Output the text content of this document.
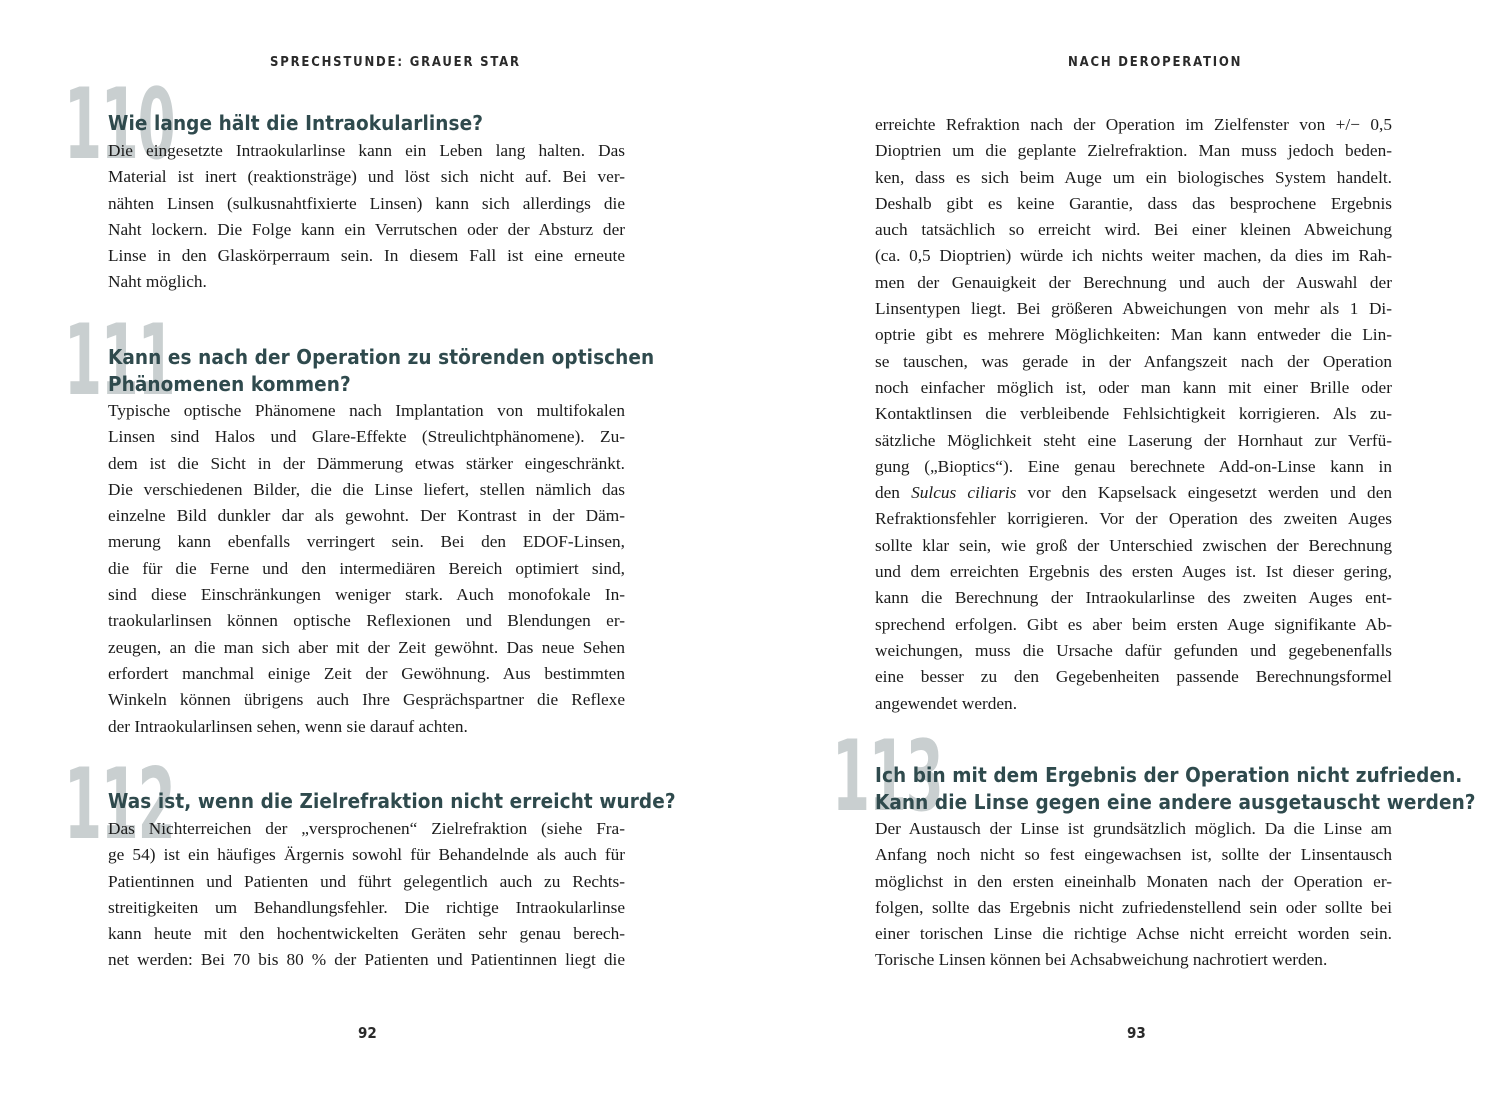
SPRECHSTUNDE: GRAUER STAR
110
Wie lange hält die Intraokularlinse?
Die eingesetzte Intraokularlinse kann ein Leben lang halten. Das
Material ist inert (reaktionsträge) und löst sich nicht auf. Bei ver-
nähten Linsen (sulkusnahtfixierte Linsen) kann sich allerdings die
Naht lockern. Die Folge kann ein Verrutschen oder der Absturz der
Linse in den Glaskörperraum sein. In diesem Fall ist eine erneute
Naht möglich.
111
Kann es nach der Operation zu störenden optischen
Phänomenen kommen?
Typische optische Phänomene nach Implantation von multifokalen
Linsen sind Halos und Glare-Effekte (Streulichtphänomene). Zu-
dem ist die Sicht in der Dämmerung etwas stärker eingeschränkt.
Die verschiedenen Bilder, die die Linse liefert, stellen nämlich das
einzelne Bild dunkler dar als gewohnt. Der Kontrast in der Däm-
merung kann ebenfalls verringert sein. Bei den EDOF-Linsen,
die für die Ferne und den intermediären Bereich optimiert sind,
sind diese Einschränkungen weniger stark. Auch monofokale In-
traokularlinsen können optische Reflexionen und Blendungen er-
zeugen, an die man sich aber mit der Zeit gewöhnt. Das neue Sehen
erfordert manchmal einige Zeit der Gewöhnung. Aus bestimmten
Winkeln können übrigens auch Ihre Gesprächspartner die Reflexe
der Intraokularlinsen sehen, wenn sie darauf achten.
112
Was ist, wenn die Zielrefraktion nicht erreicht wurde?
Das Nichterreichen der „versprochenen“ Zielrefraktion (siehe Fra-
ge 54) ist ein häufiges Ärgernis sowohl für Behandelnde als auch für
Patientinnen und Patienten und führt gelegentlich auch zu Rechts-
streitigkeiten um Behandlungsfehler. Die richtige Intraokularlinse
kann heute mit den hochentwickelten Geräten sehr genau berech-
net werden: Bei 70 bis 80 % der Patienten und Patientinnen liegt die
92
NACH DEROPERATION
erreichte Refraktion nach der Operation im Zielfenster von +/− 0,5
Dioptrien um die geplante Zielrefraktion. Man muss jedoch beden-
ken, dass es sich beim Auge um ein biologisches System handelt.
Deshalb gibt es keine Garantie, dass das besprochene Ergebnis
auch tatsächlich so erreicht wird. Bei einer kleinen Abweichung
(ca. 0,5 Dioptrien) würde ich nichts weiter machen, da dies im Rah-
men der Genauigkeit der Berechnung und auch der Auswahl der
Linsentypen liegt. Bei größeren Abweichungen von mehr als 1 Di-
optrie gibt es mehrere Möglichkeiten: Man kann entweder die Lin-
se tauschen, was gerade in der Anfangszeit nach der Operation
noch einfacher möglich ist, oder man kann mit einer Brille oder
Kontaktlinsen die verbleibende Fehlsichtigkeit korrigieren. Als zu-
sätzliche Möglichkeit steht eine Laserung der Hornhaut zur Verfü-
gung („Bioptics“). Eine genau berechnete Add-on-Linse kann in
den Sulcus ciliaris vor den Kapselsack eingesetzt werden und den
Refraktionsfehler korrigieren. Vor der Operation des zweiten Auges
sollte klar sein, wie groß der Unterschied zwischen der Berechnung
und dem erreichten Ergebnis des ersten Auges ist. Ist dieser gering,
kann die Berechnung der Intraokularlinse des zweiten Auges ent-
sprechend erfolgen. Gibt es aber beim ersten Auge signifikante Ab-
weichungen, muss die Ursache dafür gefunden und gegebenenfalls
eine besser zu den Gegebenheiten passende Berechnungsformel
angewendet werden.
113
Ich bin mit dem Ergebnis der Operation nicht zufrieden.
Kann die Linse gegen eine andere ausgetauscht werden?
Der Austausch der Linse ist grundsätzlich möglich. Da die Linse am
Anfang noch nicht so fest eingewachsen ist, sollte der Linsentausch
möglichst in den ersten eineinhalb Monaten nach der Operation er-
folgen, sollte das Ergebnis nicht zufriedenstellend sein oder sollte bei
einer torischen Linse die richtige Achse nicht erreicht worden sein.
Torische Linsen können bei Achsabweichung nachrotiert werden.
93
